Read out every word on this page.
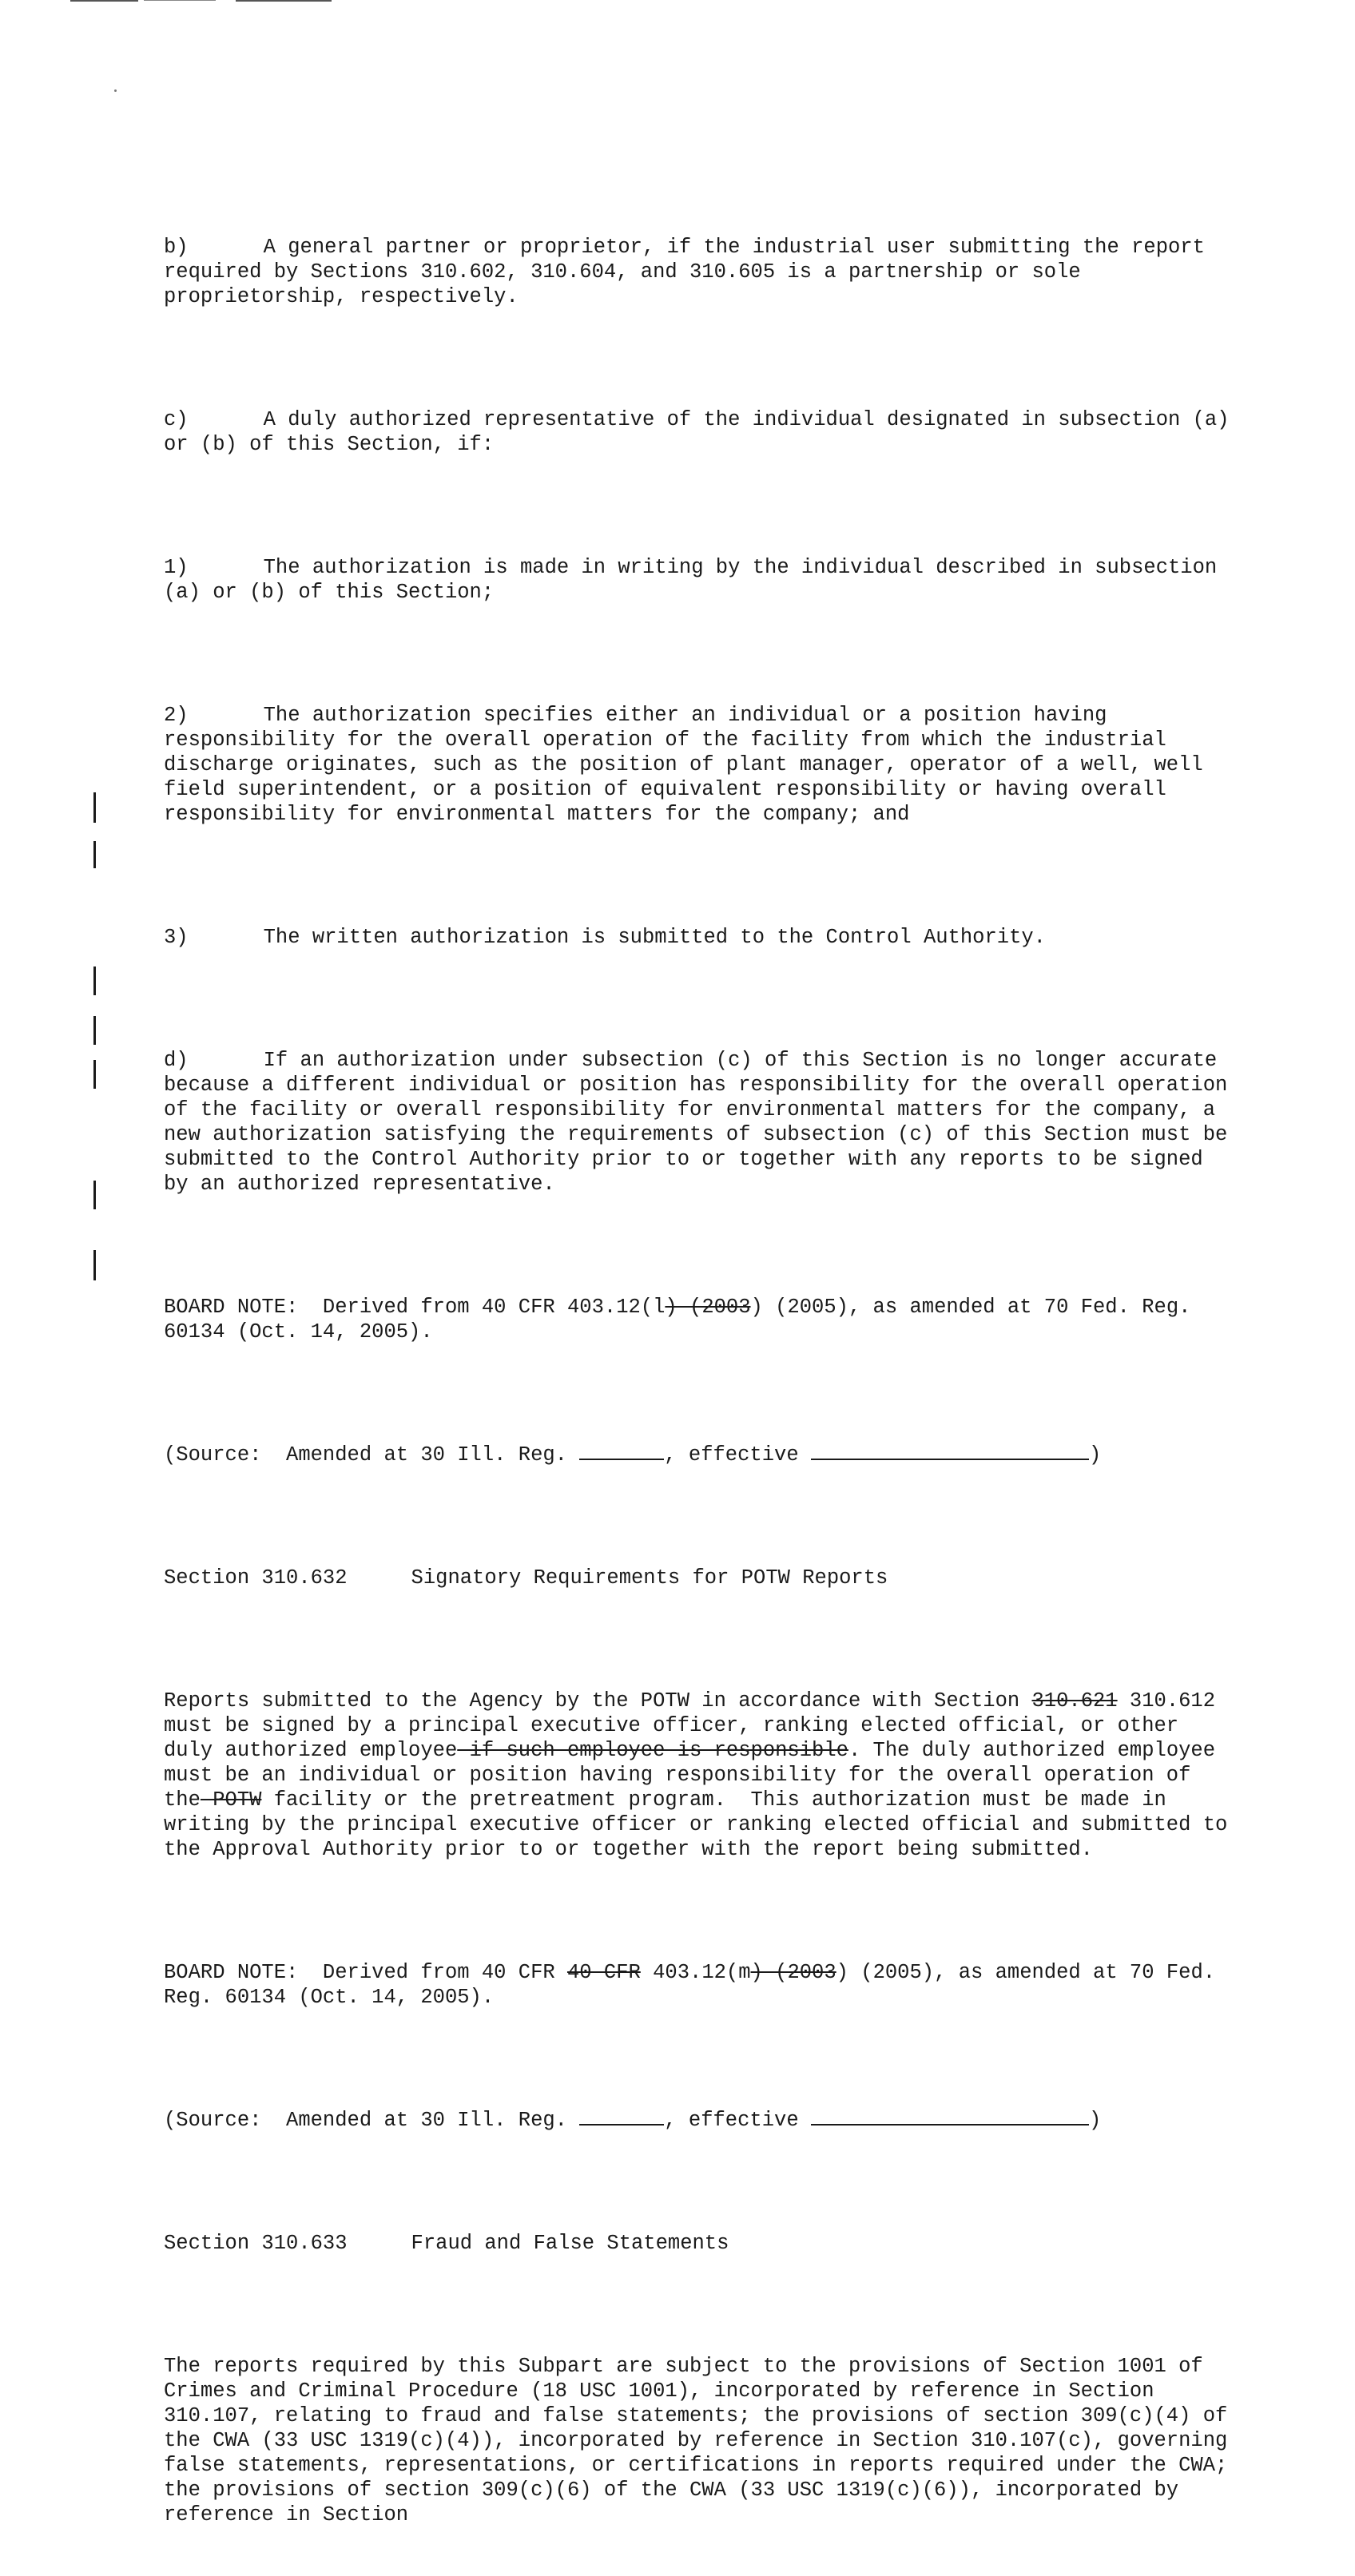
b)	A general partner or proprietor, if the industrial user submitting the report required by Sections 310.602, 310.604, and 310.605 is a partnership or sole proprietorship, respectively.

c)	A duly authorized representative of the individual designated in subsection (a) or (b) of this Section, if:

1)	The authorization is made in writing by the individual described in subsection (a) or (b) of this Section;

2)	The authorization specifies either an individual or a position having responsibility for the overall operation of the facility from which the industrial discharge originates, such as the position of plant manager, operator of a well, well field superintendent, or a position of equivalent responsibility or having overall responsibility for environmental matters for the company; and

3)	The written authorization is submitted to the Control Authority.

d)	If an authorization under subsection (c) of this Section is no longer accurate because a different individual or position has responsibility for the overall operation of the facility or overall responsibility for environmental matters for the company, a new authorization satisfying the requirements of subsection (c) of this Section must be submitted to the Control Authority prior to or together with any reports to be signed by an authorized representative.

BOARD NOTE:  Derived from 40 CFR 403.12(l) (2003) (2005), as amended at 70 Fed. Reg. 60134 (Oct. 14, 2005).

(Source:  Amended at 30 Ill. Reg.	, effective	)

Section 310.632	Signatory Requirements for POTW Reports

Reports submitted to the Agency by the POTW in accordance with Section 310.621 310.612 must be signed by a principal executive officer, ranking elected official, or other duly authorized employee if such employee is responsible. The duly authorized employee must be an individual or position having responsibility for the overall operation of the POTW facility or the pretreatment program.  This authorization must be made in writing by the principal executive officer or ranking elected official and submitted to the Approval Authority prior to or together with the report being submitted.

BOARD NOTE:  Derived from 40 CFR 40 CFR 403.12(m) (2003) (2005), as amended at 70 Fed. Reg. 60134 (Oct. 14, 2005).

(Source:  Amended at 30 Ill. Reg.	, effective	)

Section 310.633	Fraud and False Statements

The reports required by this Subpart are subject to the provisions of Section 1001 of Crimes and Criminal Procedure (18 USC 1001), incorporated by reference in Section 310.107, relating to fraud and false statements; the provisions of section 309(c)(4) of the CWA (33 USC 1319(c)(4)), incorporated by reference in Section 310.107(c), governing false statements, representations, or certifications in reports required under the CWA; the provisions of section 309(c)(6) of the CWA (33 USC 1319(c)(6)), incorporated by reference in Section
